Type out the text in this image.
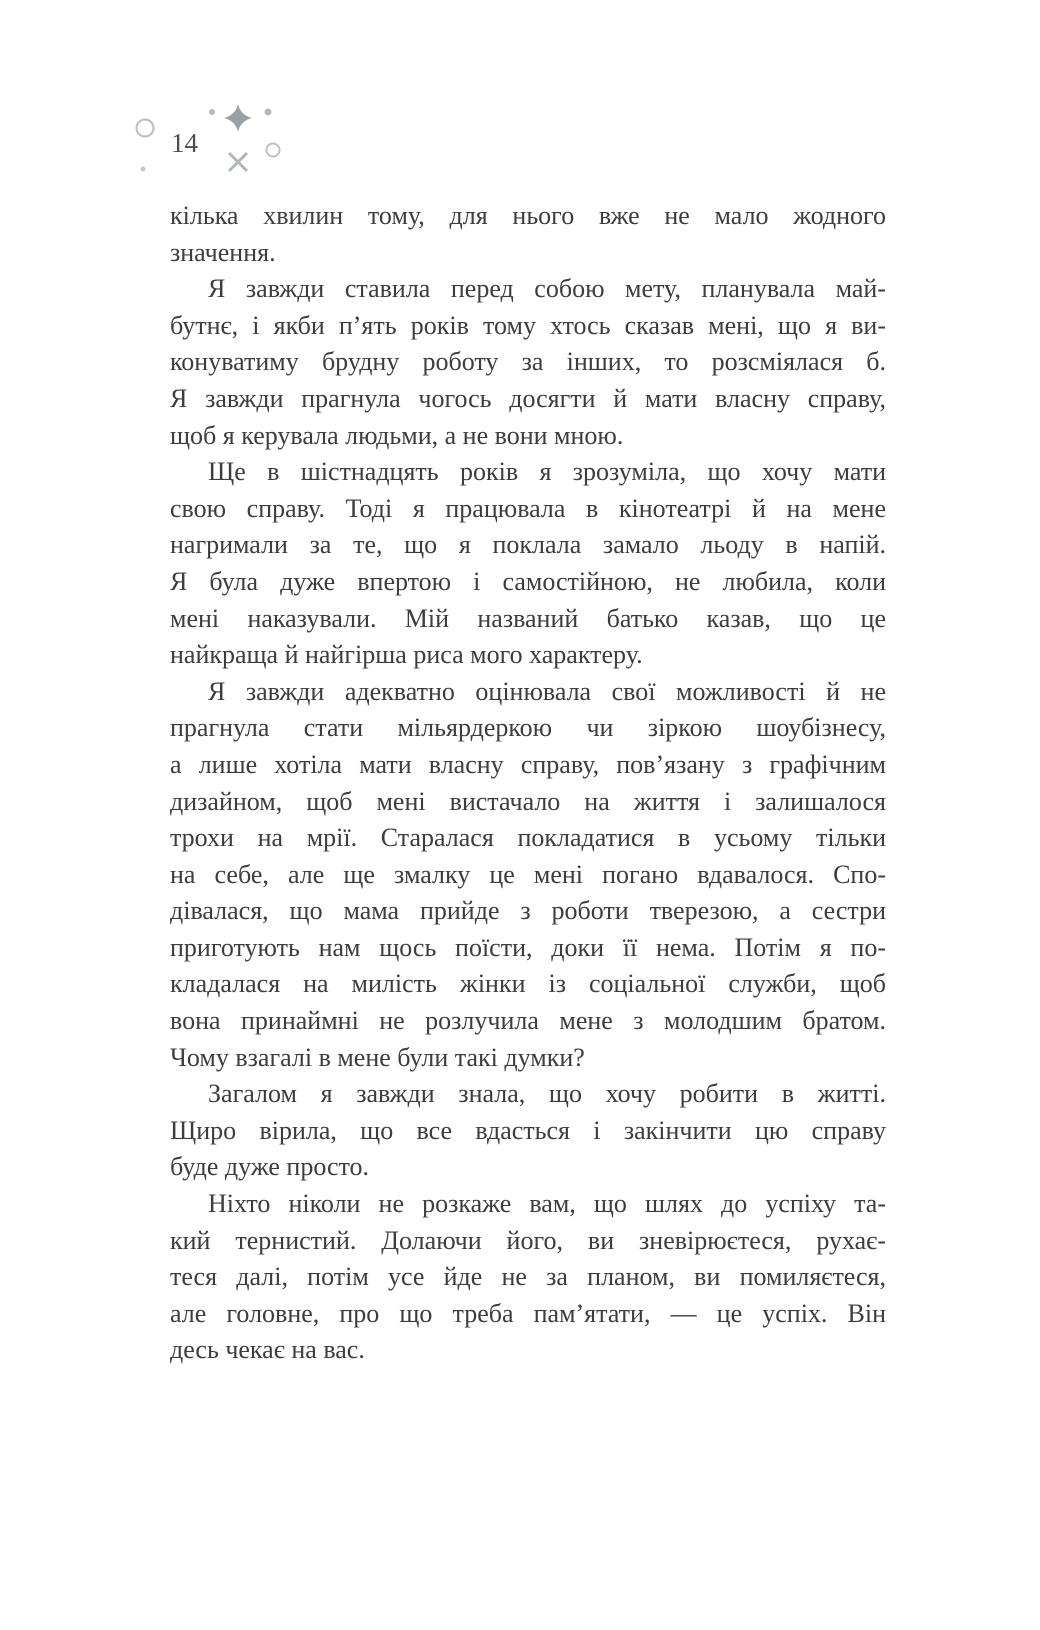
14

кілька хвилин тому, для нього вже не мало жодного
значення.

Я завжди ставила перед собою мету, планувала май-
бутнє, і якби п’ять років тому хтось сказав мені, що я ви-
конуватиму брудну роботу за інших, то розсміялася б.
Я завжди прагнула чогось досягти й мати власну справу,
щоб я керувала людьми, а не вони мною.

Ще в шістнадцять років я зрозуміла, що хочу мати
свою справу. Тоді я працювала в кінотеатрі й на мене
нагримали за те, що я поклала замало льоду в напій.
Я була дуже впертою і самостійною, не любила, коли
мені наказували. Мій названий батько казав, що це
найкраща й найгірша риса мого характеру.

Я завжди адекватно оцінювала свої можливості й не
прагнула стати мільярдеркою чи зіркою шоубізнесу,
а лише хотіла мати власну справу, пов’язану з графічним
дизайном, щоб мені вистачало на життя і залишалося
трохи на мрії. Старалася покладатися в усьому тільки
на себе, але ще змалку це мені погано вдавалося. Спо-
дівалася, що мама прийде з роботи тверезою, а сестри
приготують нам щось поїсти, доки її нема. Потім я по-
кладалася на милість жінки із соціальної служби, щоб
вона принаймні не розлучила мене з молодшим братом.
Чому взагалі в мене були такі думки?

Загалом я завжди знала, що хочу робити в житті.
Щиро вірила, що все вдасться і закінчити цю справу
буде дуже просто.

Ніхто ніколи не розкаже вам, що шлях до успіху та-
кий тернистий. Долаючи його, ви зневірюєтеся, рухає-
теся далі, потім усе йде не за планом, ви помиляєтеся,
але головне, про що треба пам’ятати, — це успіх. Він
десь чекає на вас.
